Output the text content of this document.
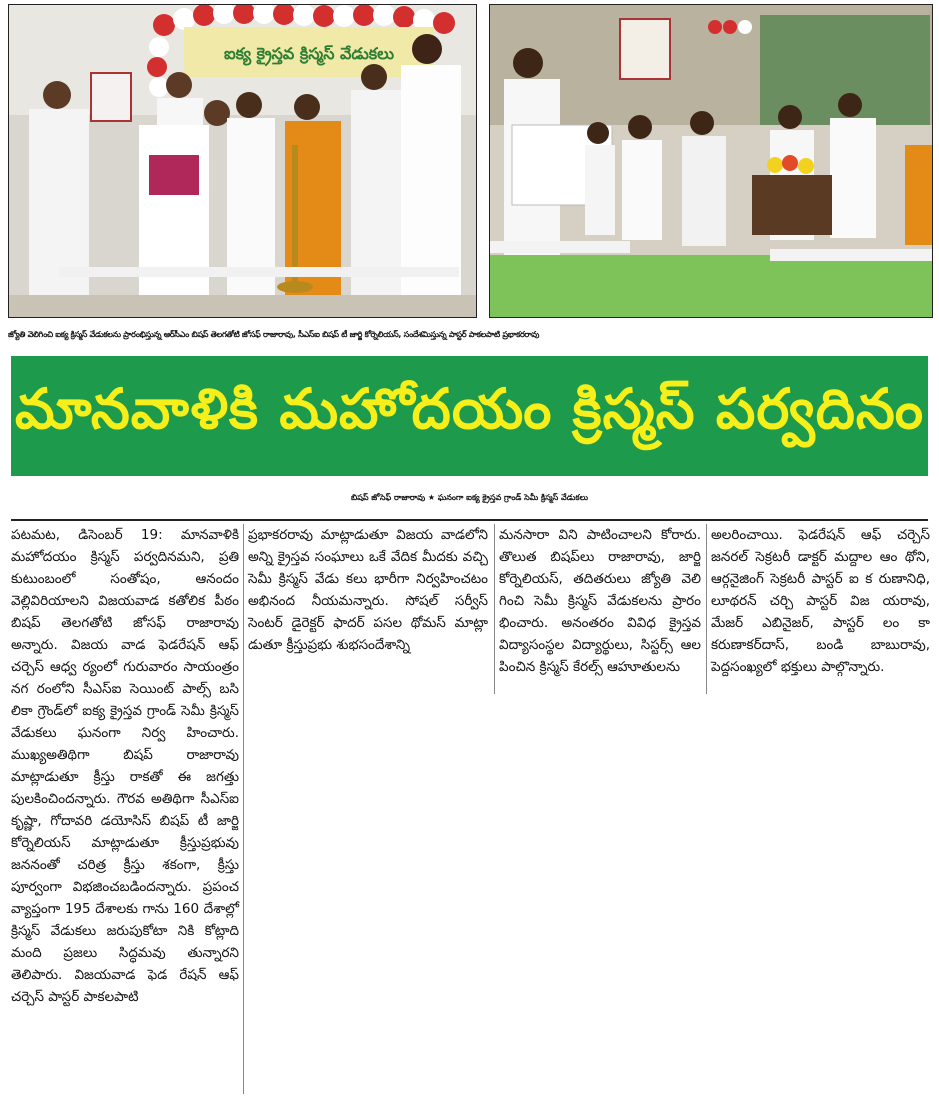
ఐక్య క్రైస్తవ క్రిస్మస్ వేడుకలు
జ్యోతి వెలిగించి ఐక్య క్రిస్మస్ వేడుకలను ప్రారంభిస్తున్న ఆర్‌సీఎం బిషప్ తెలగతోటి జోసఫ్ రాజారావు, సీఎస్ఐ బిషప్ టీ జార్జి కోర్నెలియస్, సందేశమిస్తున్న పాస్టర్ పాకలపాటి ప్రభాకరరావు
మానవాళికి మహోదయం క్రిస్మస్ పర్వదినం
బిషప్ జోసెఫ్ రాజారావు ★ ఘనంగా ఐక్య క్రైస్తవ గ్రాండ్ సెమీ క్రిస్మస్ వేడుకలు
పటమట, డిసెంబర్ 19: మానవాళికి మహోదయం క్రిస్మస్ పర్వదినమని, ప్రతి కుటుంబంలో సంతోషం, ఆనందం వెల్లివిరియాలని విజయవాడ కతోలిక పీఠం బిషప్ తెలగతోటి జోసఫ్ రాజారావు అన్నారు. విజయ వాడ ఫెడరేషన్ ఆఫ్ చర్చెస్ ఆధ్వ ర్యంలో గురువారం సాయంత్రం నగ రంలోని సీఎస్ఐ సెయింట్ పాల్స్ బసి లికా గ్రౌండ్‌లో ఐక్య క్రైస్తవ గ్రాండ్ సెమీ క్రిస్మస్ వేడుకలు ఘనంగా నిర్వ హించారు. ముఖ్యఅతిథిగా బిషప్ రాజారావు మాట్లాడుతూ క్రీస్తు రాకతో ఈ జగత్తు పులకించిందన్నారు. గౌరవ అతిథిగా సీఎస్ఐ కృష్ణా, గోదావరి డయోసిస్ బిషప్ టీ జార్జి కోర్నెలియస్ మాట్లాడుతూ క్రీస్తుప్రభువు జననంతో చరిత్ర క్రీస్తు శకంగా, క్రీస్తు పూర్వంగా విభజించబడిందన్నారు. ప్రపంచ వ్యాప్తంగా 195 దేశాలకు గాను 160 దేశాల్లో క్రిస్మస్ వేడుకలు జరుపుకోటా నికి కోట్లాది మంది ప్రజలు సిద్ధమవు తున్నారని తెలిపారు. విజయవాడ ఫెడ రేషన్ ఆఫ్ చర్చెస్ పాస్టర్ పాకలపాటి
ప్రభాకరరావు మాట్లాడుతూ విజయ వాడలోని అన్ని క్రైస్తవ సంఘాలు ఒకే వేదిక మీదకు వచ్చి సెమీ క్రిస్మస్ వేడు కలు భారీగా నిర్వహించటం అభినంద నీయమన్నారు. సోషల్ సర్వీస్ సెంటర్ డైరెక్టర్ ఫాదర్ పసల థోమస్ మాట్లా డుతూ క్రీస్తుప్రభు శుభసందేశాన్ని
మనసారా విని పాటించాలని కోరారు. తొలుత బిషప్‌లు రాజారావు, జార్జి కోర్నెలియస్, తదితరులు జ్యోతి వెలి గించి సెమీ క్రిస్మస్ వేడుకలను ప్రారం భించారు. అనంతరం వివిధ క్రైస్తవ విద్యాసంస్థల విద్యార్థులు, సిస్టర్స్ ఆల పించిన క్రిస్మస్ కేరల్స్ ఆహూతులను
అలరించాయి. ఫెడరేషన్ ఆఫ్ చర్చెస్ జనరల్ సెక్రటరీ డాక్టర్ మద్దాల ఆం థోని, ఆర్గనైజింగ్ సెక్రటరీ పాస్టర్ ఐ క రుణానిధి, లూథరన్ చర్చి పాస్టర్ విజ యరావు, మేజర్ ఎబినైజర్, పాస్టర్ లం కా కరుణాకర్‌దాస్, బండి బాబురావు, పెద్దసంఖ్యలో భక్తులు పాల్గొన్నారు.
